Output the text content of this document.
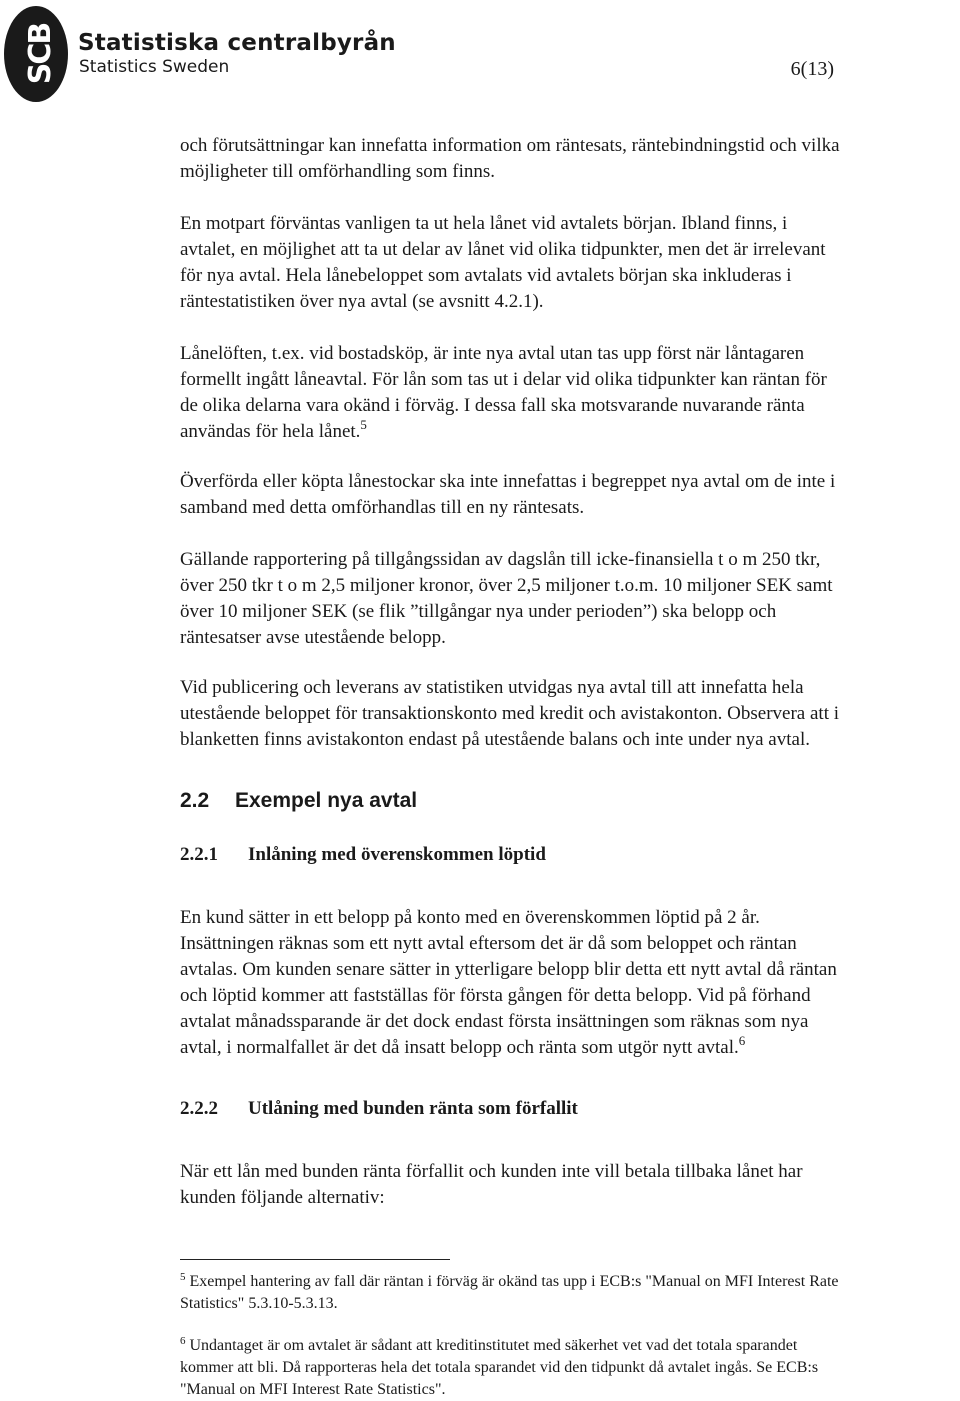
SCB Statistiska centralbyrån
Statistics Sweden	6(13)

och förutsättningar kan innefatta information om räntesats, räntebindningstid och vilka
möjligheter till omförhandling som finns.

En motpart förväntas vanligen ta ut hela lånet vid avtalets början. Ibland finns, i
avtalet, en möjlighet att ta ut delar av lånet vid olika tidpunkter, men det är irrelevant
för nya avtal. Hela lånebeloppet som avtalats vid avtalets början ska inkluderas i
räntestatistiken över nya avtal (se avsnitt 4.2.1).

Lånelöften, t.ex. vid bostadsköp, är inte nya avtal utan tas upp först när låntagaren
formellt ingått låneavtal. För lån som tas ut i delar vid olika tidpunkter kan räntan för
de olika delarna vara okänd i förväg. I dessa fall ska motsvarande nuvarande ränta
användas för hela lånet.$^5$

Överförda eller köpta lånestockar ska inte innefattas i begreppet nya avtal om de inte i
samband med detta omförhandlas till en ny räntesats.

Gällande rapportering på tillgångssidan av dagslån till icke-finansiella t o m 250 tkr,
över 250 tkr t o m 2,5 miljoner kronor, över 2,5 miljoner t.o.m. 10 miljoner SEK samt
över 10 miljoner SEK (se flik ”tillgångar nya under perioden”) ska belopp och
räntesatser avse utestående belopp.

Vid publicering och leverans av statistiken utvidgas nya avtal till att innefatta hela
utestående beloppet för transaktionskonto med kredit och avistakonton. Observera att i
blanketten finns avistakonton endast på utestående balans och inte under nya avtal.

2.2 Exempel nya avtal
2.2.1 Inlåning med överenskommen löptid

En kund sätter in ett belopp på konto med en överenskommen löptid på 2 år.
Insättningen räknas som ett nytt avtal eftersom det är då som beloppet och räntan
avtalas. Om kunden senare sätter in ytterligare belopp blir detta ett nytt avtal då räntan
och löptid kommer att fastställas för första gången för detta belopp. Vid på förhand
avtalat månadssparande är det dock endast första insättningen som räknas som nya
avtal, i normalfallet är det då insatt belopp och ränta som utgör nytt avtal.$^6$

2.2.2 Utlåning med bunden ränta som förfallit

När ett lån med bunden ränta förfallit och kunden inte vill betala tillbaka lånet har
kunden följande alternativ:

$^5$ Exempel hantering av fall där räntan i förväg är okänd tas upp i ECB:s "Manual on MFI Interest Rate
Statistics" 5.3.10-5.3.13.

$^6$ Undantaget är om avtalet är sådant att kreditinstitutet med säkerhet vet vad det totala sparandet
kommer att bli. Då rapporteras hela det totala sparandet vid den tidpunkt då avtalet ingås. Se ECB:s
"Manual on MFI Interest Rate Statistics".
